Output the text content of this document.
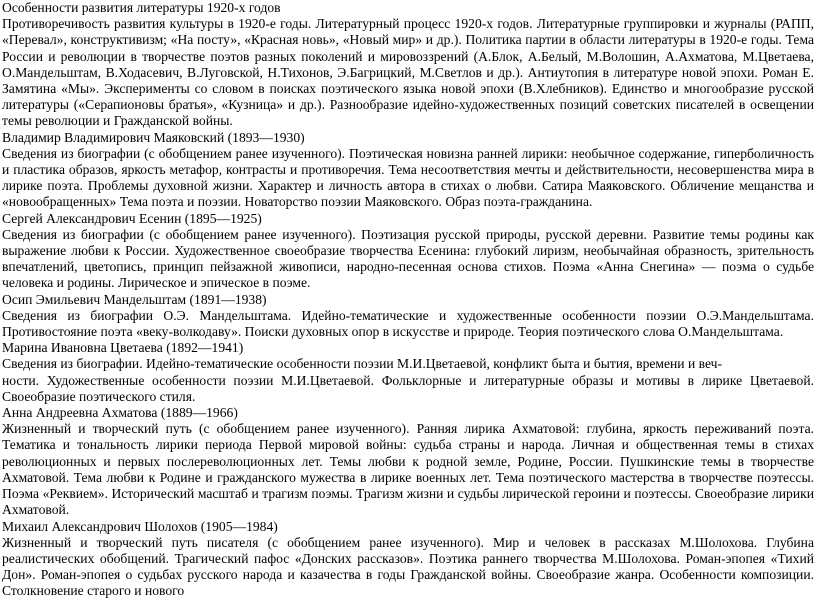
Особенности развития литературы 1920-х годов

Противоречивость развития культуры в 1920-е годы. Литературный процесс 1920-х годов. Литературные группировки и журналы (РАПП, «Перевал», конструктивизм; «На посту», «Красная новь», «Новый мир» и др.). Политика партии в области литературы в 1920-е годы. Тема России и революции в творчестве поэтов разных поколений и мировоззрений (А.Блок, А.Белый, М.Волошин, А.Ахматова, М.Цветаева, О.Мандельштам, В.Ходасевич, В.Луговской, Н.Тихонов, Э.Багрицкий, М.Светлов и др.). Антиутопия в литературе новой эпохи. Роман Е. Замятина «Мы». Эксперименты со словом в поисках поэтического языка новой эпохи (В.Хлебников). Единство и многообразие русской литературы («Серапионовы братья», «Кузница» и др.). Разнообразие идейно-художественных позиций советских писателей в освещении темы революции и Гражданской войны.

Владимир Владимирович Маяковский (1893—1930)

Сведения из биографии (с обобщением ранее изученного). Поэтическая новизна ранней лирики: необычное содержание, гиперболичность и пластика образов, яркость метафор, контрасты и противоречия. Тема несоответствия мечты и действительности, несовершенства мира в лирике поэта. Проблемы духовной жизни. Характер и личность автора в стихах о любви. Сатира Маяковского. Обличение мещанства и «новообращенных» Тема поэта и поэзии. Новаторство поэзии Маяковского. Образ поэта-гражданина.

Сергей Александрович Есенин (1895—1925)

Сведения из биографии (с обобщением ранее изученного). Поэтизация русской природы, русской деревни. Развитие темы родины как выражение любви к России. Художественное своеобразие творчества Есенина: глубокий лиризм, необычайная образность, зрительность впечатлений, цветопись, принцип пейзажной живописи, народно-песенная основа стихов. Поэма «Анна Снегина» — поэма о судьбе человека и родины. Лирическое и эпическое в поэме.

Осип Эмильевич Мандельштам (1891—1938)

Сведения из биографии О.Э. Мандельштама. Идейно-тематические и художественные особенности поэзии О.Э.Мандельштама. Противостояние поэта «веку-волкодаву». Поиски духовных опор в искусстве и природе. Теория поэтического слова О.Мандельштама.

Марина Ивановна Цветаева (1892—1941)

Сведения из биографии. Идейно-тематические особенности поэзии М.И.Цветаевой, конфликт быта и бытия, времени и веч-

ности. Художественные особенности поэзии М.И.Цветаевой. Фольклорные и литературные образы и мотивы в лирике Цветаевой. Своеобразие поэтического стиля.

Анна Андреевна Ахматова (1889—1966)

Жизненный и творческий путь (с обобщением ранее изученного). Ранняя лирика Ахматовой: глубина, яркость переживаний поэта. Тематика и тональность лирики периода Первой мировой войны: судьба страны и народа. Личная и общественная темы в стихах революционных и первых послереволюционных лет. Темы любви к родной земле, Родине, России. Пушкинские темы в творчестве Ахматовой. Тема любви к Родине и гражданского мужества в лирике военных лет. Тема поэтического мастерства в творчестве поэтессы. Поэма «Реквием». Исторический масштаб и трагизм поэмы. Трагизм жизни и судьбы лирической героини и поэтессы. Своеобразие лирики Ахматовой.

Михаил Александрович Шолохов (1905—1984)

Жизненный и творческий путь писателя (с обобщением ранее изученного). Мир и человек в рассказах М.Шолохова. Глубина реалистических обобщений. Трагический пафос «Донских рассказов». Поэтика раннего творчества М.Шолохова. Роман-эпопея «Тихий Дон». Роман-эпопея о судьбах русского народа и казачества в годы Гражданской войны. Своеобразие жанра. Особенности композиции. Столкновение старого и нового
